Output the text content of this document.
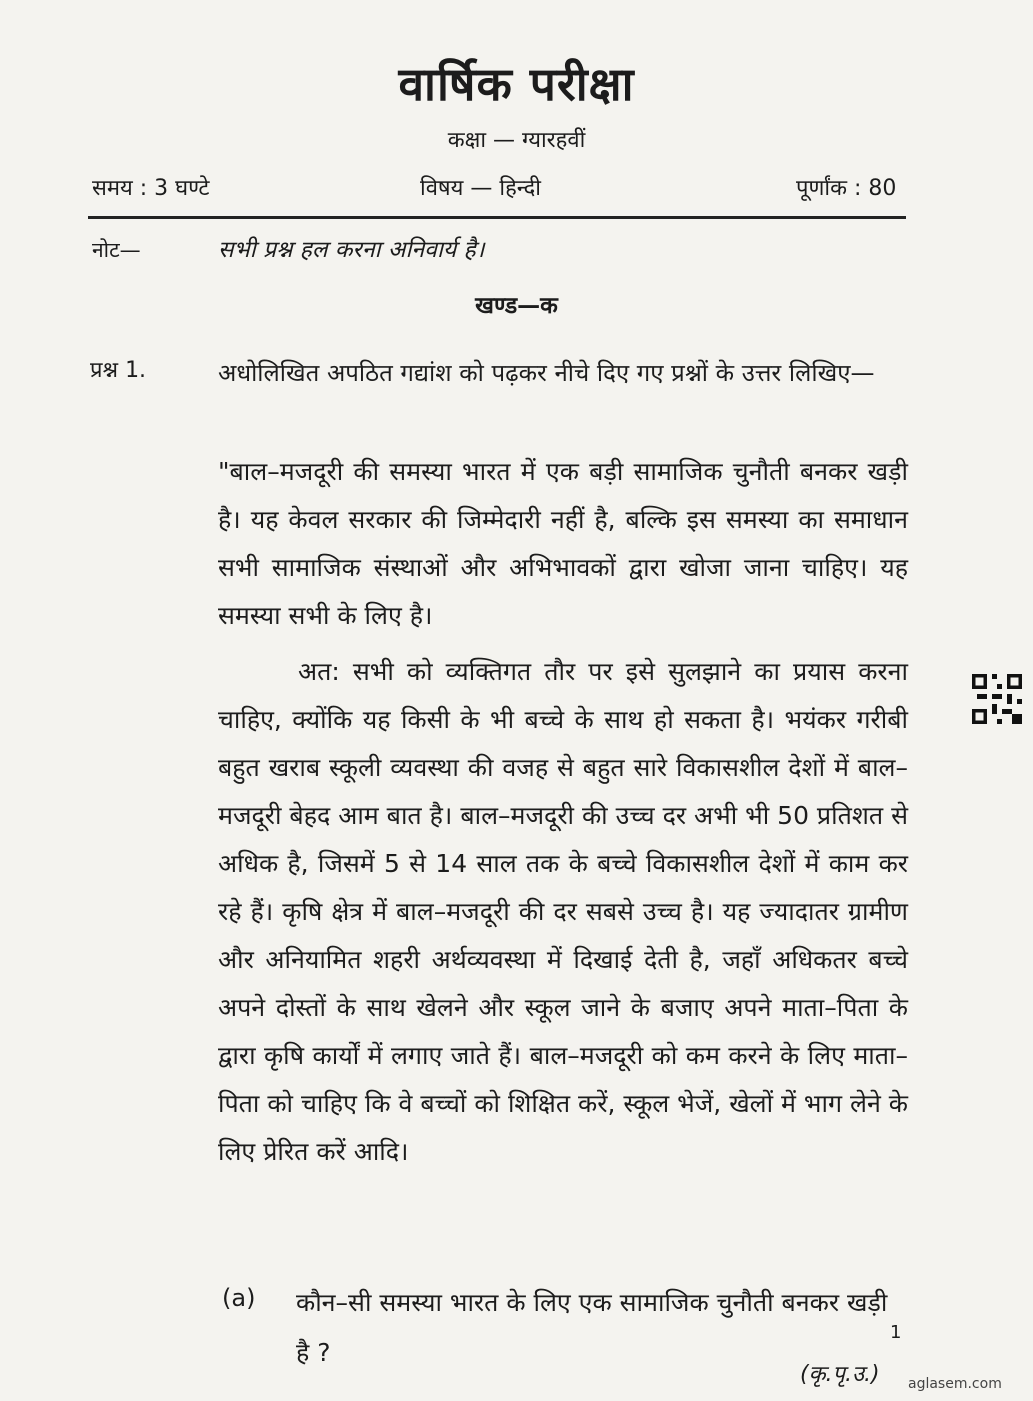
वार्षिक परीक्षा
कक्षा — ग्यारहवीं
समय : 3 घण्टे	विषय — हिन्दी	पूर्णांक : 80
नोट—	सभी प्रश्न हल करना अनिवार्य है।
खण्ड—क
प्रश्न 1.	अधोलिखित अपठित गद्यांश को पढ़कर नीचे दिए गए प्रश्नों के उत्तर लिखिए—

"बाल–मजदूरी की समस्या भारत में एक बड़ी सामाजिक चुनौती बनकर खड़ी है। यह केवल सरकार की जिम्मेदारी नहीं है, बल्कि इस समस्या का समाधान सभी सामाजिक संस्थाओं और अभिभावकों द्वारा खोजा जाना चाहिए। यह समस्या सभी के लिए है।

अत: सभी को व्यक्तिगत तौर पर इसे सुलझाने का प्रयास करना चाहिए, क्योंकि यह किसी के भी बच्चे के साथ हो सकता है। भयंकर गरीबी बहुत खराब स्कूली व्यवस्था की वजह से बहुत सारे विकासशील देशों में बाल–मजदूरी बेहद आम बात है। बाल–मजदूरी की उच्च दर अभी भी 50 प्रतिशत से अधिक है, जिसमें 5 से 14 साल तक के बच्चे विकासशील देशों में काम कर रहे हैं। कृषि क्षेत्र में बाल–मजदूरी की दर सबसे उच्च है। यह ज्यादातर ग्रामीण और अनियामित शहरी अर्थव्यवस्था में दिखाई देती है, जहाँ अधिकतर बच्चे अपने दोस्तों के साथ खेलने और स्कूल जाने के बजाए अपने माता–पिता के द्वारा कृषि कार्यों में लगाए जाते हैं। बाल–मजदूरी को कम करने के लिए माता–पिता को चाहिए कि वे बच्चों को शिक्षित करें, स्कूल भेजें, खेलों में भाग लेने के लिए प्रेरित करें आदि।

(a) कौन–सी समस्या भारत के लिए एक सामाजिक चुनौती बनकर खड़ी है ?
1
(कृ.पृ.उ.) aglasem.com
